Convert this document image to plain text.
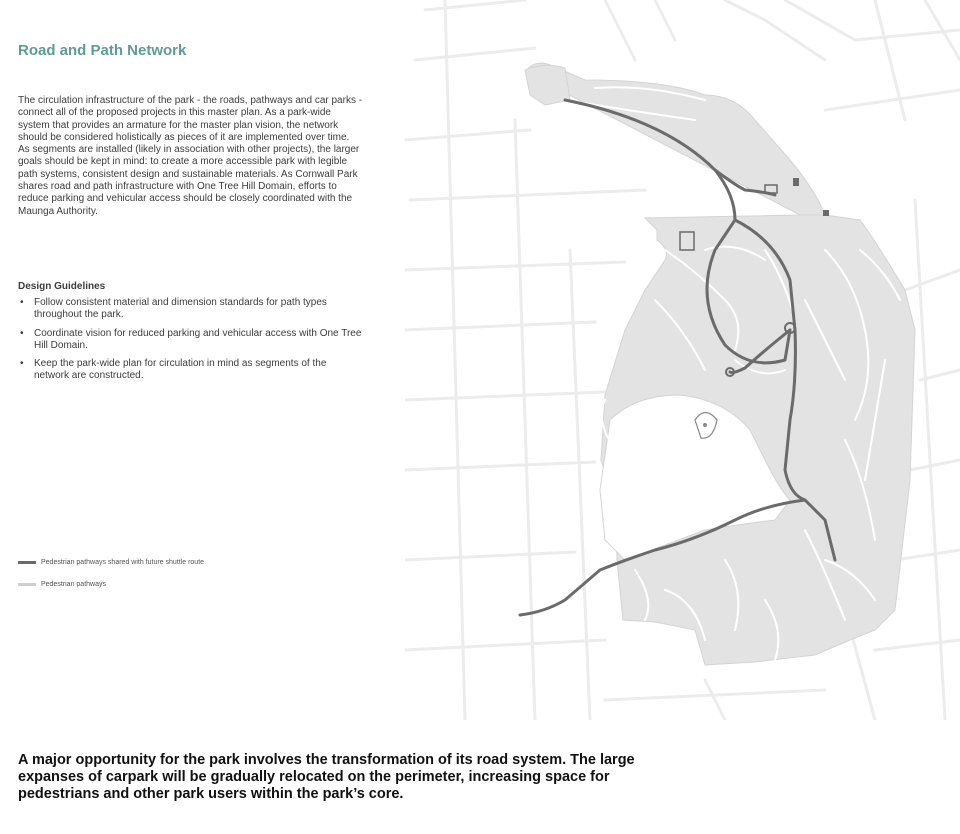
Road and Path Network
The circulation infrastructure of the park - the roads, pathways and car parks - connect all of the proposed projects in this master plan. As a park-wide system that provides an armature for the master plan vision, the network should be considered holistically as pieces of it are implemented over time. As segments are installed (likely in association with other projects), the larger goals should be kept in mind: to create a more accessible park with legible path systems, consistent design and sustainable materials. As Cornwall Park shares road and path infrastructure with One Tree Hill Domain, efforts to reduce parking and vehicular access should be closely coordinated with the Maunga Authority.
Design Guidelines
• Follow consistent material and dimension standards for path types throughout the park.
• Coordinate vision for reduced parking and vehicular access with One Tree Hill Domain.
• Keep the park-wide plan for circulation in mind as segments of the network are constructed.
Pedestrian pathways shared with future shuttle route
Pedestrian pathways
A major opportunity for the park involves the transformation of its road system. The large expanses of carpark will be gradually relocated on the perimeter, increasing space for pedestrians and other park users within the park’s core.
